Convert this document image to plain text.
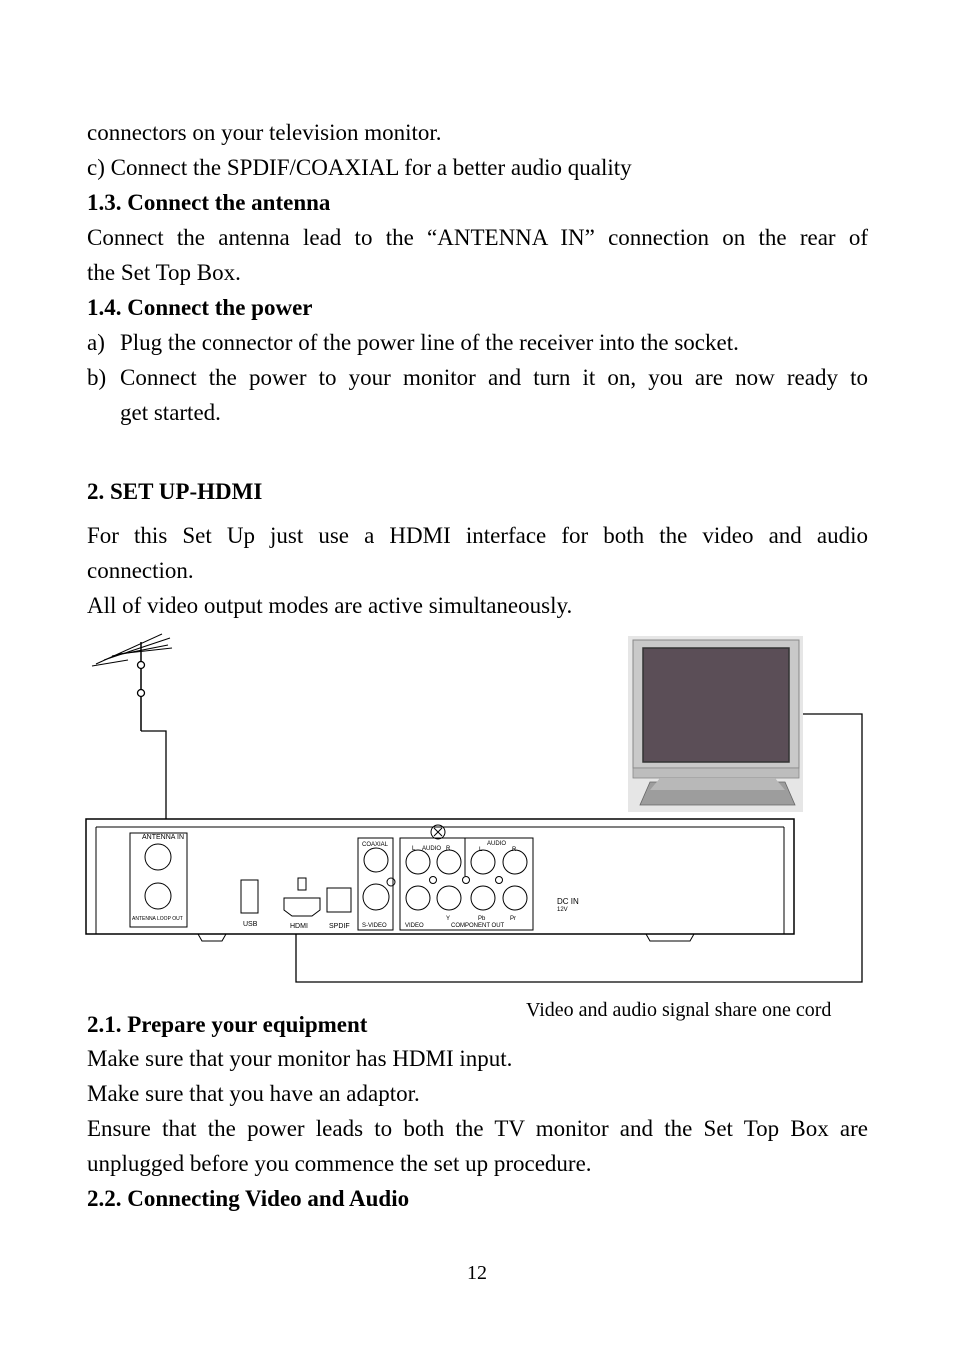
connectors on your television monitor.
c) Connect the SPDIF/COAXIAL for a better audio quality
1.3. Connect the antenna
Connect the antenna lead to the “ANTENNA IN” connection on the rear of
the Set Top Box.
1.4. Connect the power
a) Plug the connector of the power line of the receiver into the socket.
b) Connect the power to your monitor and turn it on, you are now ready to
get started.
2. SET UP-HDMI
For this Set Up just use a HDMI interface for both the video and audio
connection.
All of video output modes are active simultaneously.
ANTENNA IN
ANTENNA LOOP OUT
USB	HDMI	SPDIF
COAXIAL
S-VIDEO
L AUDIO R
AUDIO
L	R
VIDEO
Y	Pb	Pr
COMPONENT OUT
DC IN
12V
Video and audio signal share one cord
2.1. Prepare your equipment
Make sure that your monitor has HDMI input.
Make sure that you have an adaptor.
Ensure that the power leads to both the TV monitor and the Set Top Box are
unplugged before you commence the set up procedure.
2.2. Connecting Video and Audio
12
